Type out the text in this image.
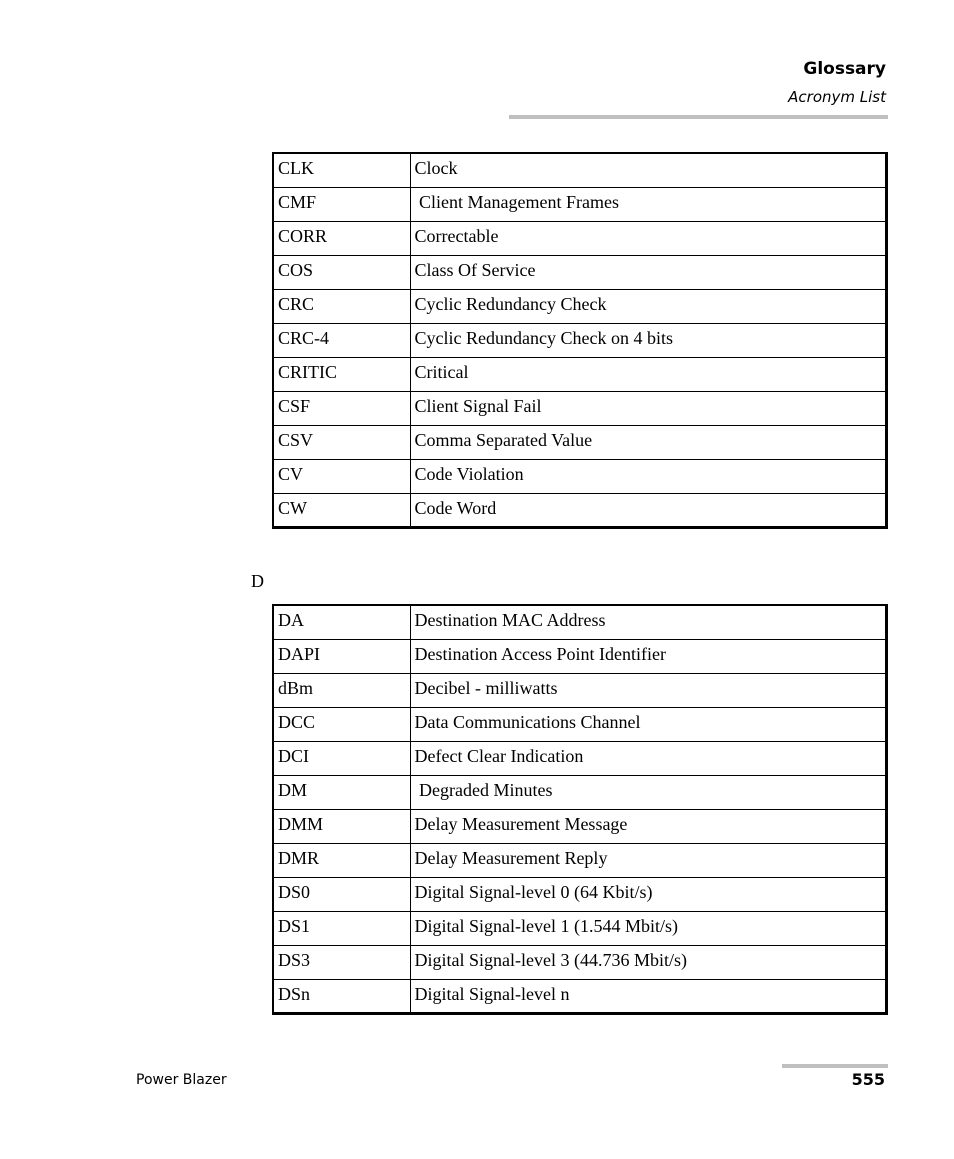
Glossary
Acronym List
CLK	Clock
CMF	Client Management Frames
CORR	Correctable
COS	Class Of Service
CRC	Cyclic Redundancy Check
CRC-4	Cyclic Redundancy Check on 4 bits
CRITIC	Critical
CSF	Client Signal Fail
CSV	Comma Separated Value
CV	Code Violation
CW	Code Word
D
DA	Destination MAC Address
DAPI	Destination Access Point Identifier
dBm	Decibel - milliwatts
DCC	Data Communications Channel
DCI	Defect Clear Indication
DM	Degraded Minutes
DMM	Delay Measurement Message
DMR	Delay Measurement Reply
DS0	Digital Signal-level 0 (64 Kbit/s)
DS1	Digital Signal-level 1 (1.544 Mbit/s)
DS3	Digital Signal-level 3 (44.736 Mbit/s)
DSn	Digital Signal-level n
Power Blazer	555
